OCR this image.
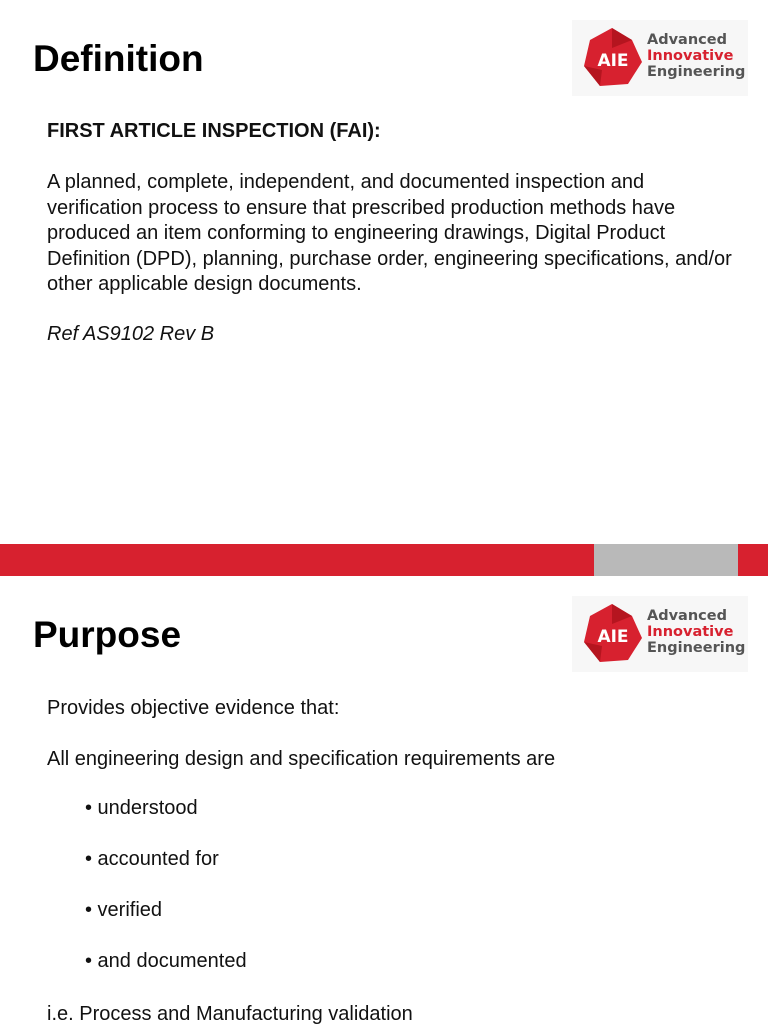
Definition	AIE
Advanced
Innovative
Engineering
FIRST ARTICLE INSPECTION (FAI):
A planned, complete, independent, and documented inspection and verification process to ensure that prescribed production methods have produced an item conforming to engineering drawings, Digital Product Definition (DPD), planning, purchase order, engineering specifications, and/or other applicable design documents.
Ref AS9102 Rev B
Purpose	AIE
Advanced
Innovative
Engineering
Provides objective evidence that:
All engineering design and specification requirements are
• understood
• accounted for
• verified
• and documented
i.e. Process and Manufacturing validation
